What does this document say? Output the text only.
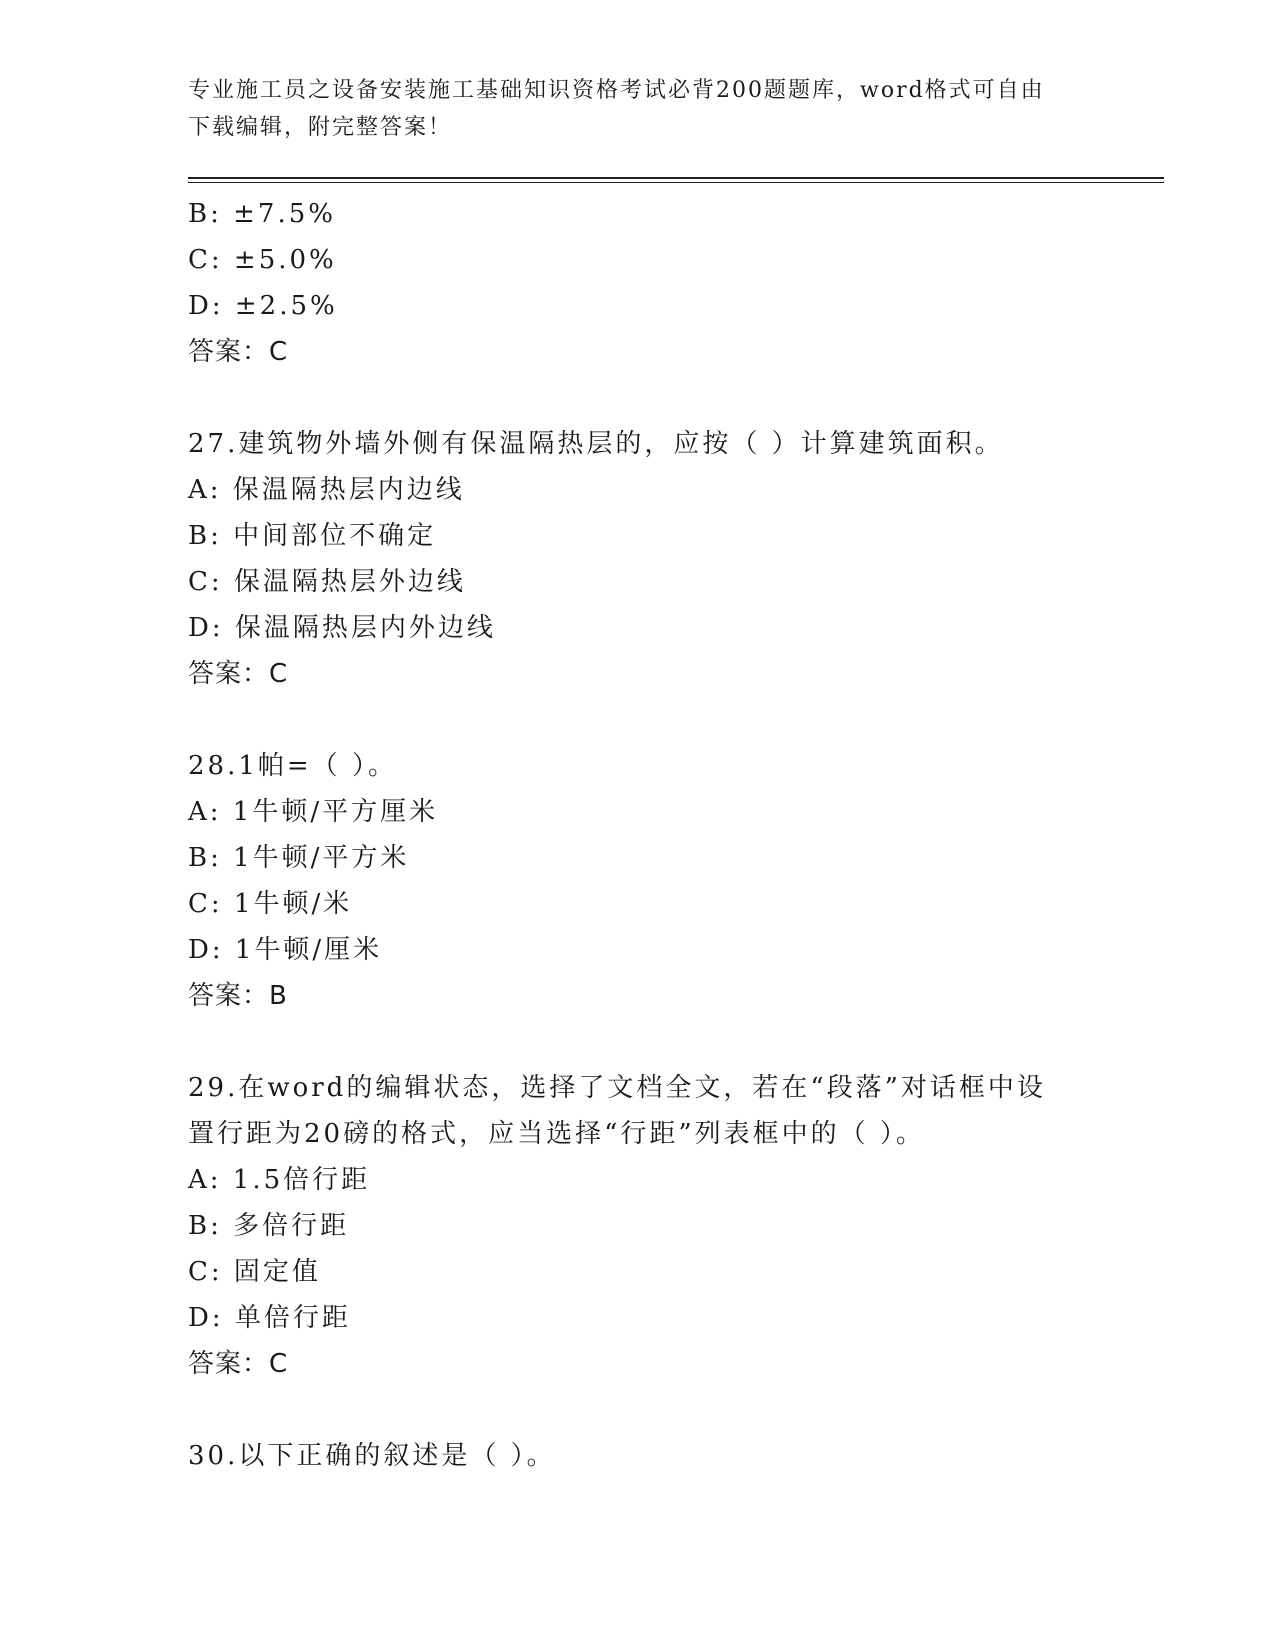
专业施工员之设备安装施工基础知识资格考试必背200题题库，word格式可自由
下载编辑，附完整答案！
B: ±7.5%
C: ±5.0%
D: ±2.5%
答案：C
27.建筑物外墙外侧有保温隔热层的，应按（ ）计算建筑面积。
A: 保温隔热层内边线
B: 中间部位不确定
C: 保温隔热层外边线
D: 保温隔热层内外边线
答案：C
28.1帕=（ ）。
A: 1牛顿/平方厘米
B: 1牛顿/平方米
C: 1牛顿/米
D: 1牛顿/厘米
答案：B
29.在word的编辑状态，选择了文档全文，若在“段落”对话框中设
置行距为20磅的格式，应当选择“行距”列表框中的（ ）。
A: 1.5倍行距
B: 多倍行距
C: 固定值
D: 单倍行距
答案：C
30.以下正确的叙述是（ ）。
